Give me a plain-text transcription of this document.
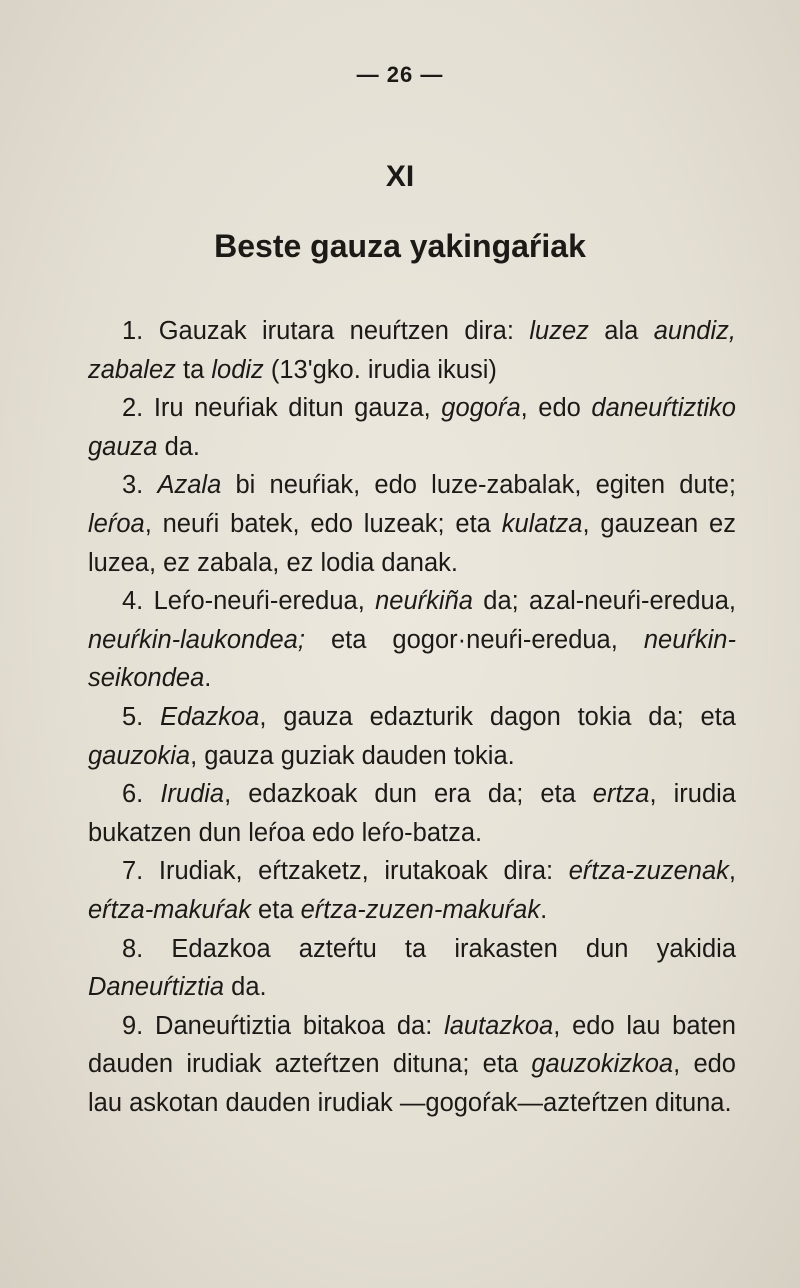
— 26 —
XI
Beste gauza yakingaŕiak

1. Gauzak irutara neuŕtzen dira: luzez ala aundiz, zabalez ta lodiz (13'gko. irudia ikusi)

2. Iru neuŕiak ditun gauza, gogoŕa, edo daneuŕtiztiko gauza da.

3. Azala bi neuŕiak, edo luze-zabalak, egiten dute; leŕoa, neuŕi batek, edo luzeak; eta kulatza, gauzean ez luzea, ez zabala, ez lodia danak.

4. Leŕo-neuŕi-eredua, neuŕkiña da; azal-neuŕi-eredua, neuŕkin-laukondea; eta gogor·neuŕi-eredua, neuŕkin-seikondea.

5. Edazkoa, gauza edazturik dagon tokia da; eta gauzokia, gauza guziak dauden tokia.

6. Irudia, edazkoak dun era da; eta ertza, irudia bukatzen dun leŕoa edo leŕo-batza.

7. Irudiak, eŕtzaketz, irutakoak dira: eŕtza-zuzenak, eŕtza-makuŕak eta eŕtza-zuzen-makuŕak.

8. Edazkoa azteŕtu ta irakasten dun yakidia Daneuŕtiztia da.

9. Daneuŕtiztia bitakoa da: lautazkoa, edo lau baten dauden irudiak azteŕtzen dituna; eta gauzokizkoa, edo lau askotan dauden irudiak —gogoŕak—azteŕtzen dituna.
